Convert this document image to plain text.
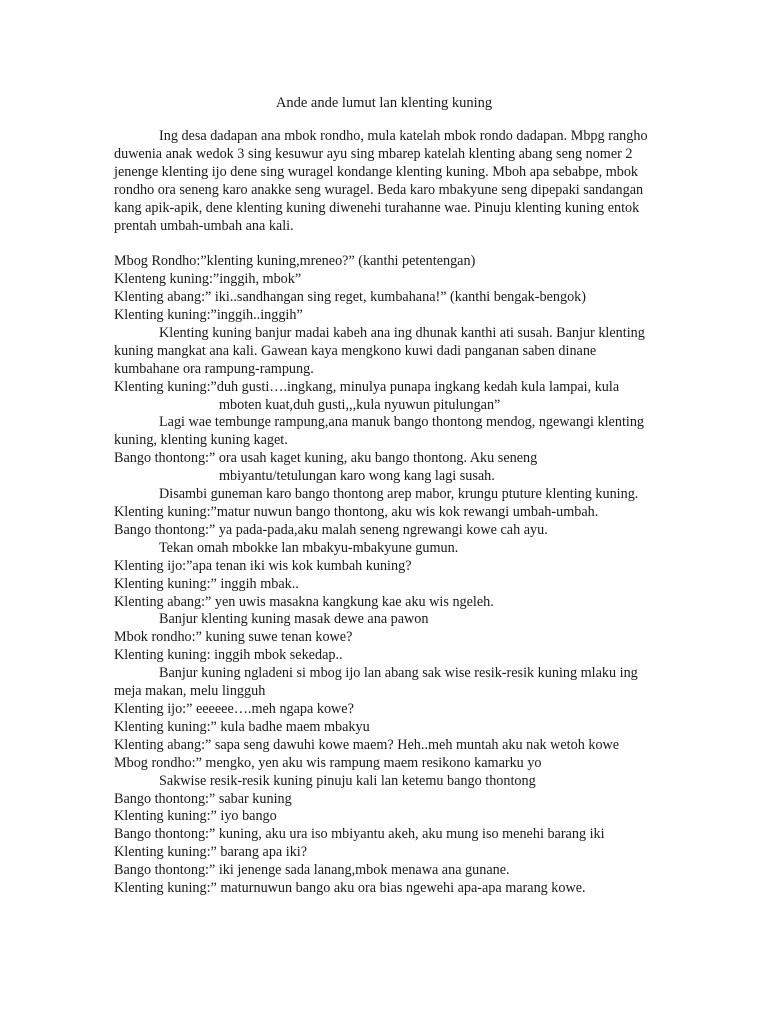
Ande ande lumut lan klenting kuning

Ing desa dadapan ana mbok rondho, mula katelah mbok rondo dadapan. Mbpg rangho duwenia anak wedok 3 sing kesuwur ayu sing mbarep katelah klenting abang seng nomer 2 jenenge klenting ijo dene sing wuragel kondange klenting kuning. Mboh apa sebabpe, mbok rondho ora seneng karo anakke seng wuragel. Beda karo mbakyune seng dipepaki sandangan kang apik-apik, dene klenting kuning diwenehi turahanne wae. Pinuju klenting kuning entok prentah umbah-umbah ana kali.

Mbog Rondho:”klenting kuning,mreneo?” (kanthi petentengan)
Klenteng kuning:”inggih, mbok”
Klenting abang:” iki..sandhangan sing reget, kumbahana!” (kanthi bengak-bengok)
Klenting kuning:”inggih..inggih”

Klenting kuning banjur madai kabeh ana ing dhunak kanthi ati susah. Banjur klenting kuning mangkat ana kali. Gawean kaya mengkono kuwi dadi panganan saben dinane kumbahane ora rampung-rampung.

Klenting kuning:”duh gusti….ingkang, minulya punapa ingkang kedah kula lampai, kula
mboten kuat,duh gusti,,,kula nyuwun pitulungan”

Lagi wae tembunge rampung,ana manuk bango thontong mendog, ngewangi klenting kuning, klenting kuning kaget.

Bango thontong:” ora usah kaget kuning, aku bango thontong. Aku seneng
mbiyantu/tetulungan karo wong kang lagi susah.

Disambi guneman karo bango thontong arep mabor, krungu ptuture klenting kuning.

Klenting kuning:”matur nuwun bango thontong, aku wis kok rewangi umbah-umbah.
Bango thontong:” ya pada-pada,aku malah seneng ngrewangi kowe cah ayu.
Tekan omah mbokke lan mbakyu-mbakyune gumun.
Klenting ijo:”apa tenan iki wis kok kumbah kuning?
Klenting kuning:” inggih mbak..
Klenting abang:” yen uwis masakna kangkung kae aku wis ngeleh.
Banjur klenting kuning masak dewe ana pawon
Mbok rondho:” kuning suwe tenan kowe?
Klenting kuning: inggih mbok sekedap..

Banjur kuning ngladeni si mbog ijo lan abang sak wise resik-resik kuning mlaku ing meja makan, melu lingguh

Klenting ijo:” eeeeee….meh ngapa kowe?
Klenting kuning:” kula badhe maem mbakyu
Klenting abang:” sapa seng dawuhi kowe maem? Heh..meh muntah aku nak wetoh kowe
Mbog rondho:” mengko, yen aku wis rampung maem resikono kamarku yo
Sakwise resik-resik kuning pinuju kali lan ketemu bango thontong
Bango thontong:” sabar kuning
Klenting kuning:” iyo bango
Bango thontong:” kuning, aku ura iso mbiyantu akeh, aku mung iso menehi barang iki
Klenting kuning:” barang apa iki?
Bango thontong:” iki jenenge sada lanang,mbok menawa ana gunane.
Klenting kuning:” maturnuwun bango aku ora bias ngewehi apa-apa marang kowe.
